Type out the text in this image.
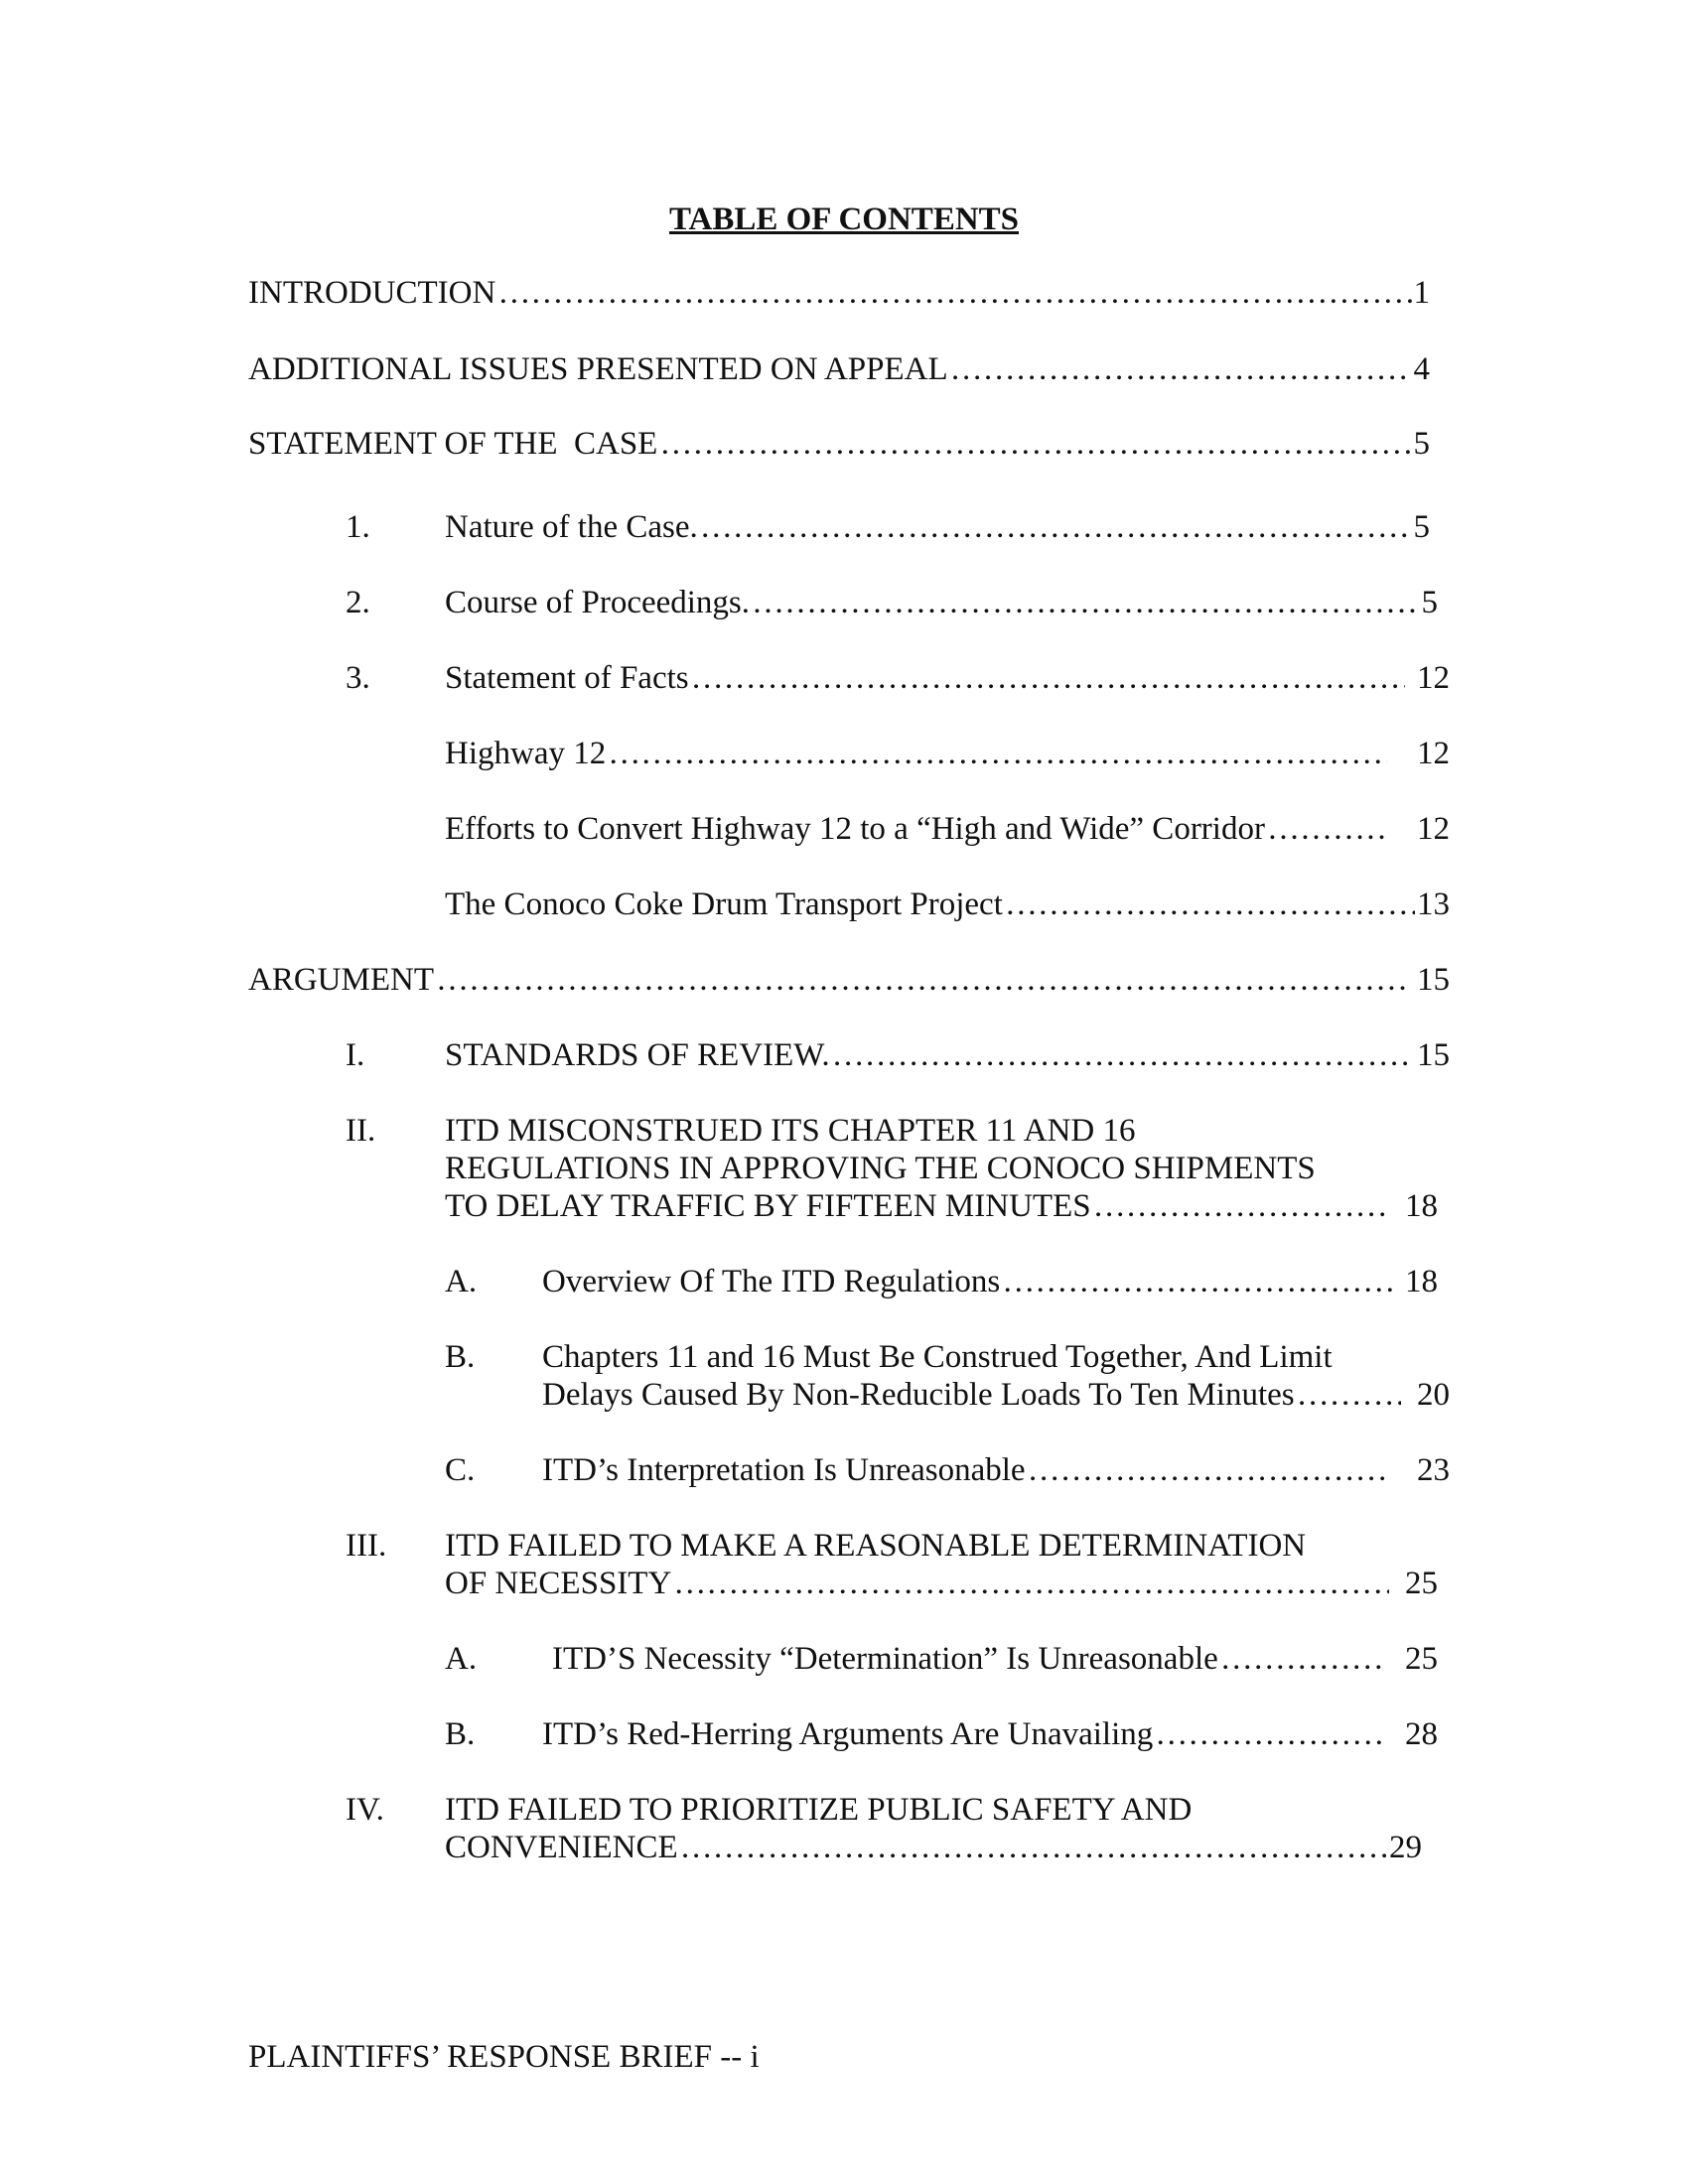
TABLE OF CONTENTS
INTRODUCTION …………………………………………………………………………………………………………………………………………………………………	1
ADDITIONAL ISSUES PRESENTED ON APPEAL …………………………………………………………………………………………………………………………………………………………………	4
STATEMENT OF THE  CASE …………………………………………………………………………………………………………………………………………………………………	5
1. Nature of the Case. …………………………………………………………………………………………………………………………………………………………………	5
2. Course of Proceedings. …………………………………………………………………………………………………………………………………………………………………	5
3. Statement of Facts …………………………………………………………………………………………………………………………………………………………………	12
Highway 12 …………………………………………………………………………………………………………………………………………………………………	12
Efforts to Convert Highway 12 to a “High and Wide” Corridor …………………………………………………………………………………………………………………………………………………………………	12
The Conoco Coke Drum Transport Project …………………………………………………………………………………………………………………………………………………………………	13
ARGUMENT …………………………………………………………………………………………………………………………………………………………………	15
I. STANDARDS OF REVIEW. …………………………………………………………………………………………………………………………………………………………………	15
II. ITD MISCONSTRUED ITS CHAPTER 11 AND 16
REGULATIONS IN APPROVING THE CONOCO SHIPMENTS
TO DELAY TRAFFIC BY FIFTEEN MINUTES …………………………………………………………………………………………………………………………………………………………………	18
A. Overview Of The ITD Regulations …………………………………………………………………………………………………………………………………………………………………	18
B. Chapters 11 and 16 Must Be Construed Together, And Limit
Delays Caused By Non-Reducible Loads To Ten Minutes …………………………………………………………………………………………………………………………………………………………………	20
C. ITD’s Interpretation Is Unreasonable …………………………………………………………………………………………………………………………………………………………………	23
III. ITD FAILED TO MAKE A REASONABLE DETERMINATION
OF NECESSITY …………………………………………………………………………………………………………………………………………………………………	25
A. ITD’S Necessity “Determination” Is Unreasonable …………………………………………………………………………………………………………………………………………………………………	25
B. ITD’s Red-Herring Arguments Are Unavailing …………………………………………………………………………………………………………………………………………………………………	28
IV. ITD FAILED TO PRIORITIZE PUBLIC SAFETY AND
CONVENIENCE …………………………………………………………………………………………………………………………………………………………………	29
PLAINTIFFS’ RESPONSE BRIEF -- i
